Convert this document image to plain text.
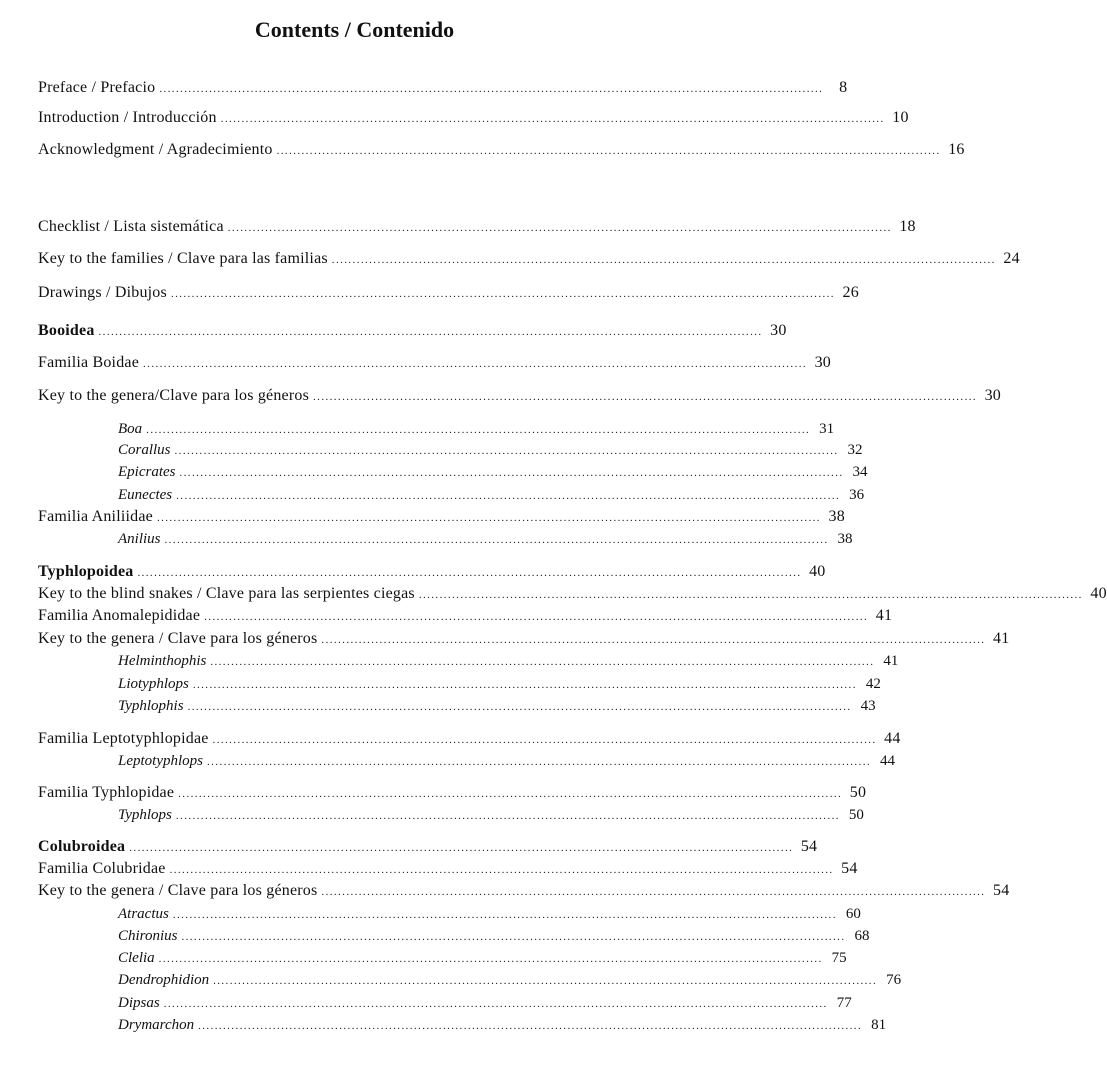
Contents / Contenido
Preface / Prefacio ................................................................................................................................................................ 8
Introduction / Introducción ................................................................................................................................................................ 10
Acknowledgment / Agradecimiento ................................................................................................................................................................ 16
Checklist / Lista sistemática ................................................................................................................................................................ 18
Key to the families / Clave para las familias ................................................................................................................................................................ 24
Drawings / Dibujos ................................................................................................................................................................ 26
Booidea ................................................................................................................................................................ 30
Familia Boidae ................................................................................................................................................................ 30
Key to the genera/Clave para los géneros ................................................................................................................................................................ 30
Boa ................................................................................................................................................................ 31
Corallus ................................................................................................................................................................ 32
Epicrates ................................................................................................................................................................ 34
Eunectes ................................................................................................................................................................ 36
Familia Aniliidae ................................................................................................................................................................ 38
Anilius ................................................................................................................................................................ 38
Typhlopoidea ................................................................................................................................................................ 40
Key to the blind snakes / Clave para las serpientes ciegas ................................................................................................................................................................ 40
Familia Anomalepididae ................................................................................................................................................................ 41
Key to the genera / Clave para los géneros ................................................................................................................................................................ 41
Helminthophis ................................................................................................................................................................ 41
Liotyphlops ................................................................................................................................................................ 42
Typhlophis ................................................................................................................................................................ 43
Familia Leptotyphlopidae ................................................................................................................................................................ 44
Leptotyphlops ................................................................................................................................................................ 44
Familia Typhlopidae ................................................................................................................................................................ 50
Typhlops ................................................................................................................................................................ 50
Colubroidea ................................................................................................................................................................ 54
Familia Colubridae ................................................................................................................................................................ 54
Key to the genera / Clave para los géneros ................................................................................................................................................................ 54
Atractus ................................................................................................................................................................ 60
Chironius ................................................................................................................................................................ 68
Clelia ................................................................................................................................................................ 75
Dendrophidion ................................................................................................................................................................ 76
Dipsas ................................................................................................................................................................ 77
Drymarchon ................................................................................................................................................................ 81
